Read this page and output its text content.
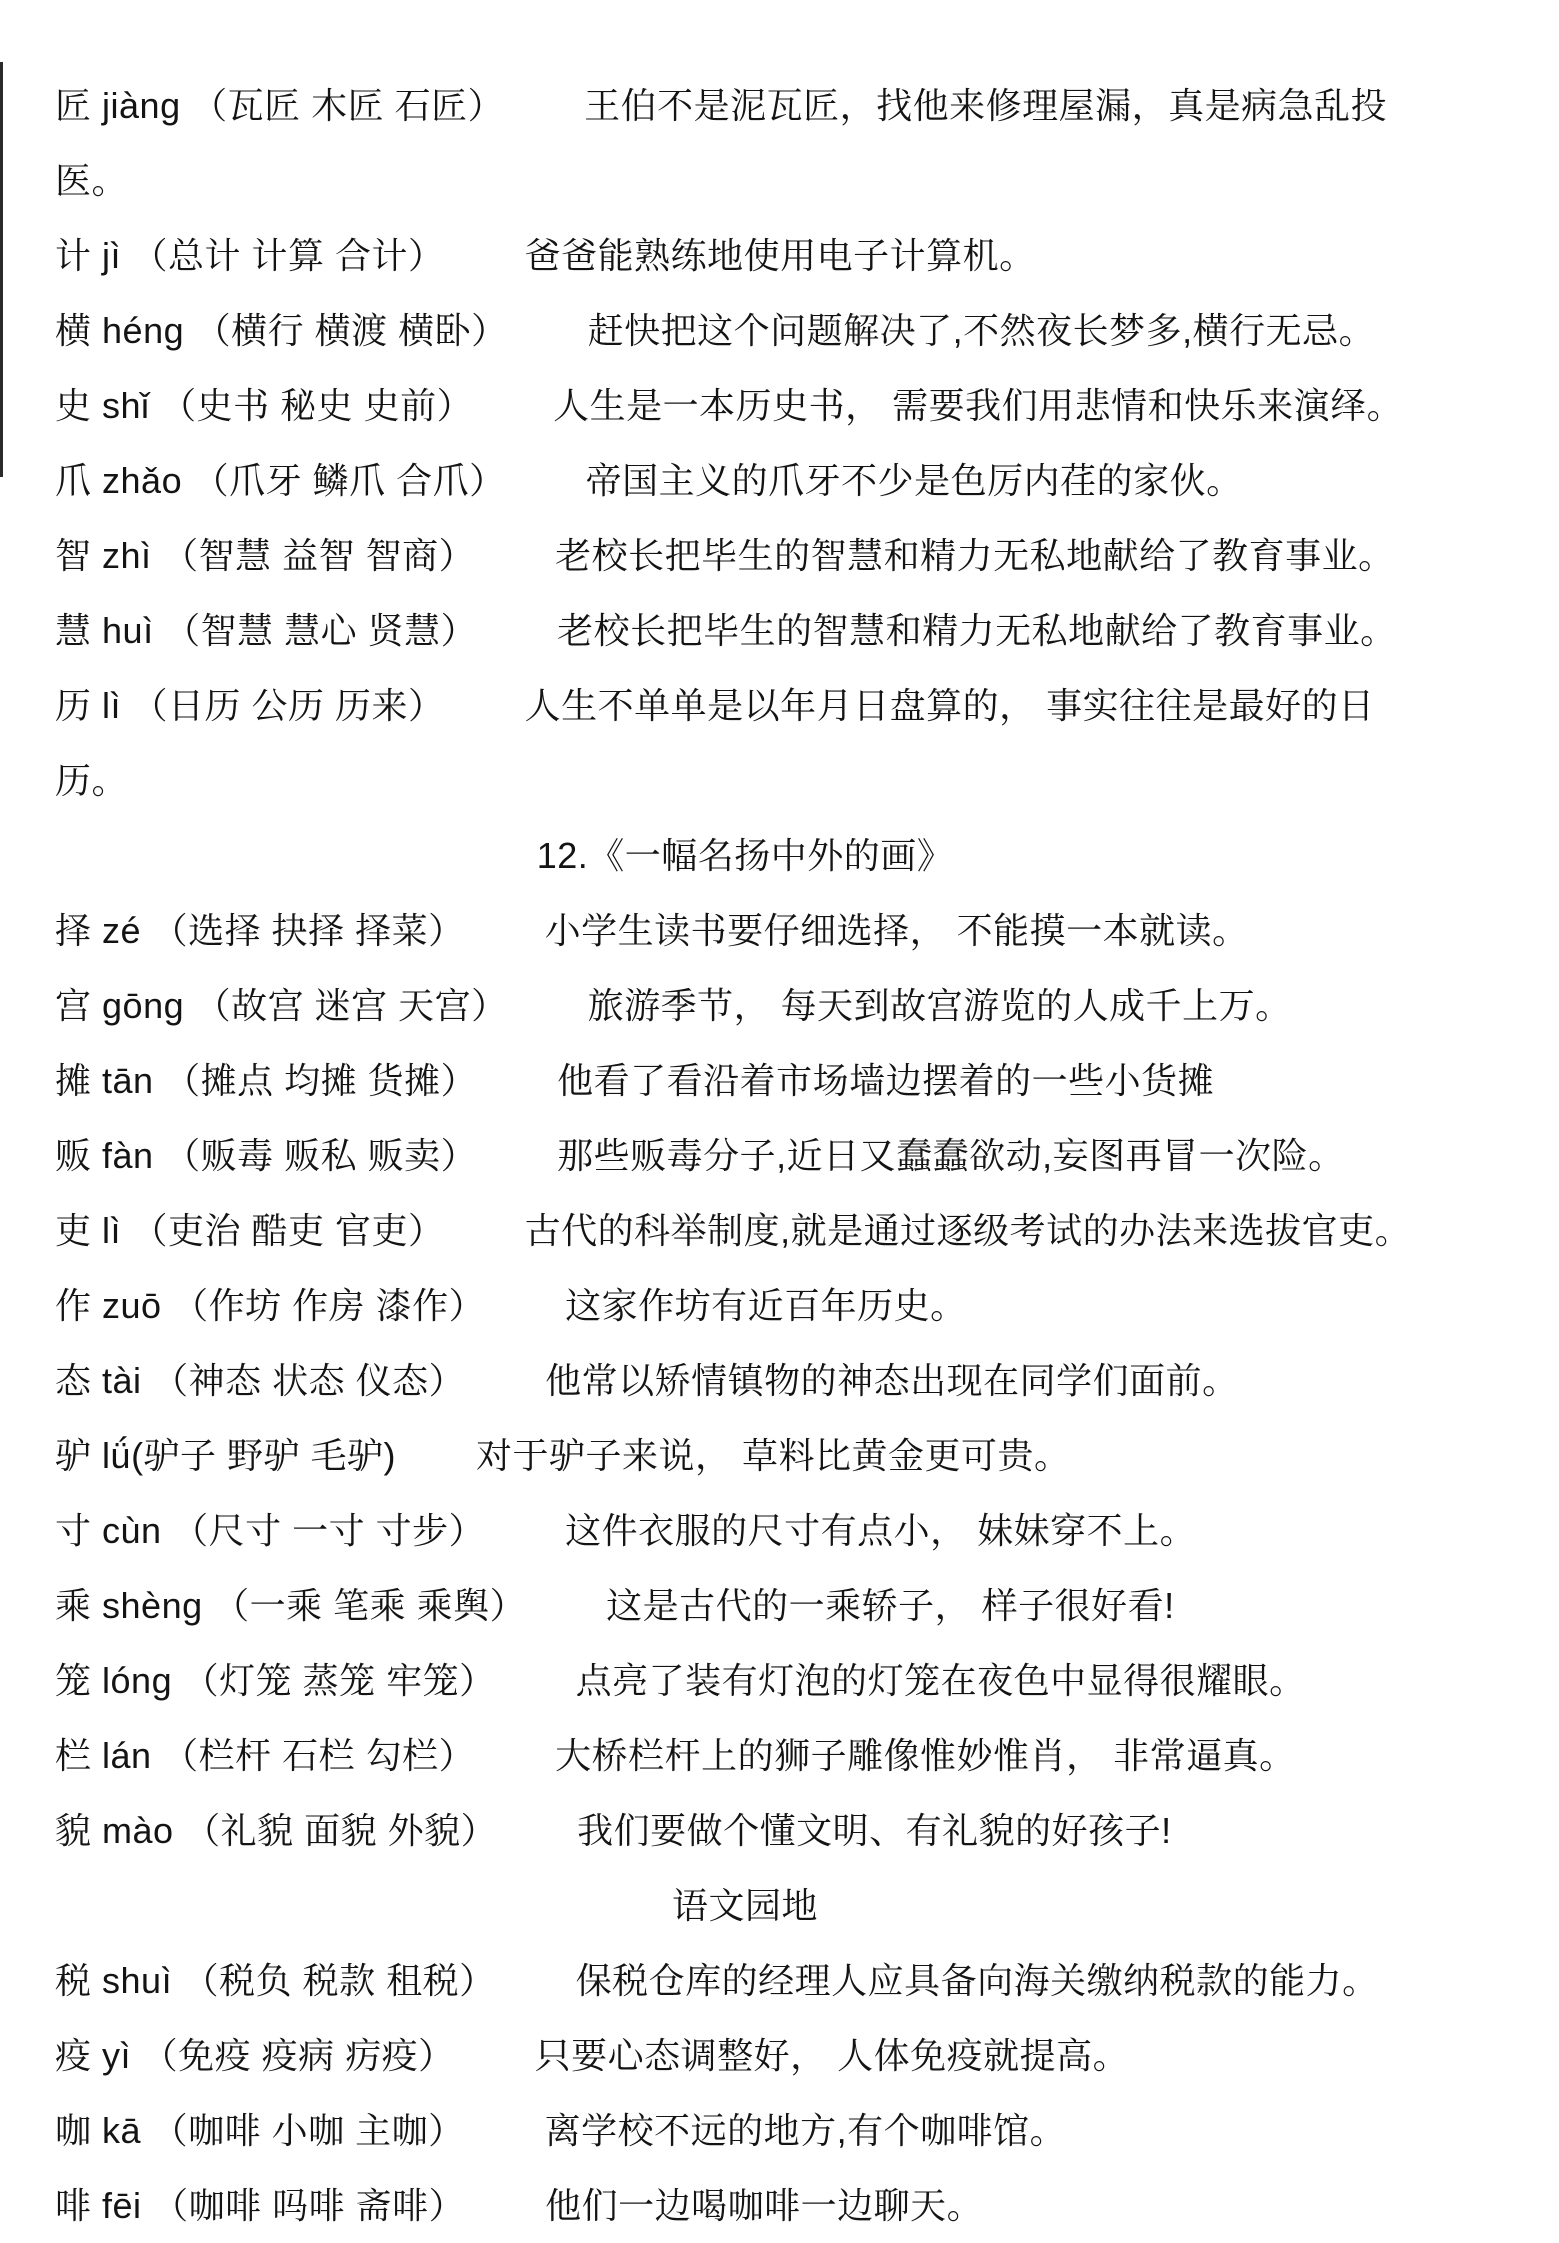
匠 jiàng （瓦匠 木匠 石匠） 王伯不是泥瓦匠，找他来修理屋漏，真是病急乱投医。

计 jì （总计 计算 合计） 爸爸能熟练地使用电子计算机。

横 héng （横行 横渡 横卧） 赶快把这个问题解决了,不然夜长梦多,横行无忌。

史 shǐ （史书 秘史 史前） 人生是一本历史书， 需要我们用悲情和快乐来演绎。

爪 zhǎo （爪牙 鳞爪 合爪） 帝国主义的爪牙不少是色厉内荏的家伙。

智 zhì （智慧 益智 智商） 老校长把毕生的智慧和精力无私地献给了教育事业。

慧 huì （智慧 慧心 贤慧） 老校长把毕生的智慧和精力无私地献给了教育事业。

历 lì （日历 公历 历来） 人生不单单是以年月日盘算的， 事实往往是最好的日历。

12.《一幅名扬中外的画》

择 zé （选择 抉择 择菜） 小学生读书要仔细选择， 不能摸一本就读。

宫 gōng （故宫 迷宫 天宫） 旅游季节， 每天到故宫游览的人成千上万。

摊 tān （摊点 均摊 货摊） 他看了看沿着市场墙边摆着的一些小货摊

贩 fàn （贩毒 贩私 贩卖） 那些贩毒分子,近日又蠢蠢欲动,妄图再冒一次险。

吏 lì （吏治 酷吏 官吏） 古代的科举制度,就是通过逐级考试的办法来选拔官吏。

作 zuō （作坊 作房 漆作） 这家作坊有近百年历史。

态 tài （神态 状态 仪态） 他常以矫情镇物的神态出现在同学们面前。

驴 lǘ(驴子 野驴 毛驴) 对于驴子来说， 草料比黄金更可贵。

寸 cùn （尺寸 一寸 寸步） 这件衣服的尺寸有点小， 妹妹穿不上。

乘 shèng （一乘 笔乘 乘舆） 这是古代的一乘轿子， 样子很好看!

笼 lóng （灯笼 蒸笼 牢笼） 点亮了装有灯泡的灯笼在夜色中显得很耀眼。

栏 lán （栏杆 石栏 勾栏） 大桥栏杆上的狮子雕像惟妙惟肖， 非常逼真。

貌 mào （礼貌 面貌 外貌） 我们要做个懂文明、有礼貌的好孩子!

语文园地

税 shuì （税负 税款 租税） 保税仓库的经理人应具备向海关缴纳税款的能力。

疫 yì （免疫 疫病 疠疫） 只要心态调整好， 人体免疫就提高。

咖 kā （咖啡 小咖 主咖） 离学校不远的地方,有个咖啡馆。

啡 fēi （咖啡 吗啡 斋啡） 他们一边喝咖啡一边聊天。
